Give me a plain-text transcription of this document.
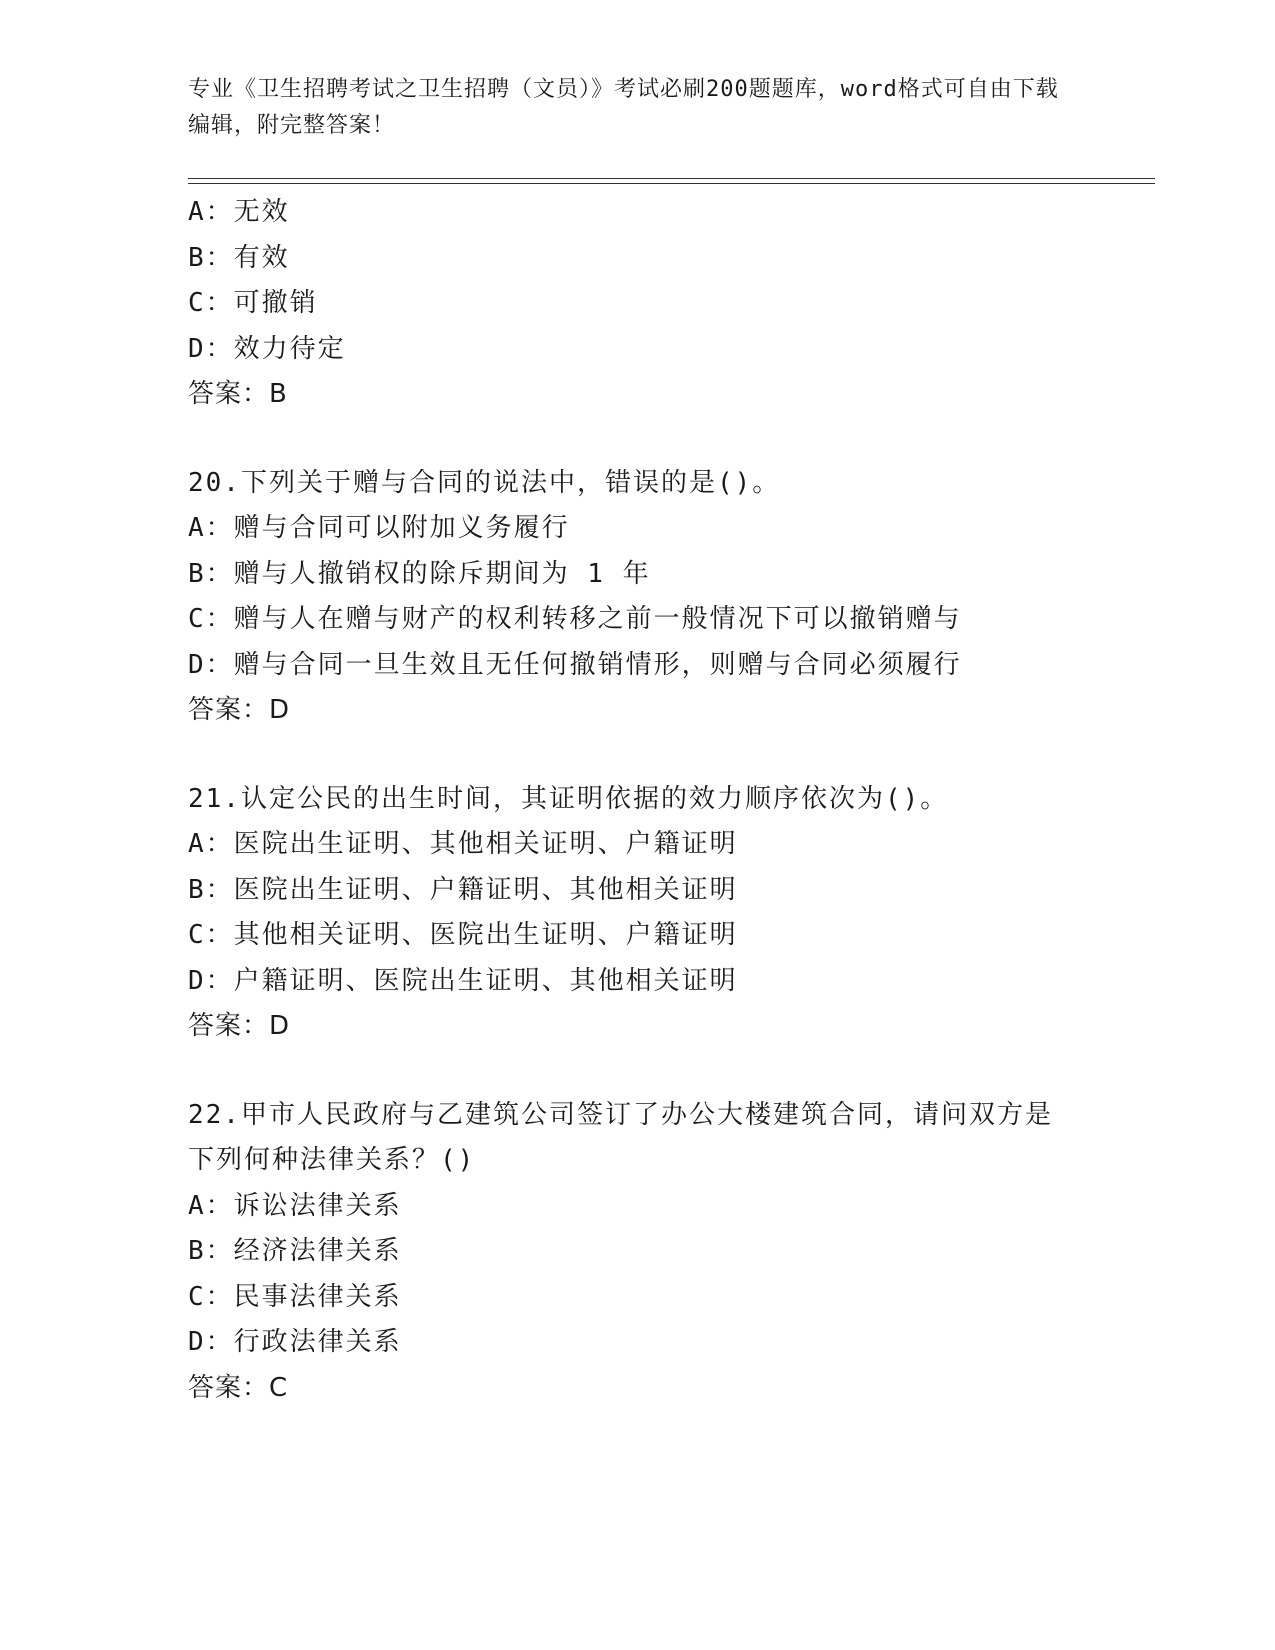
专业《卫生招聘考试之卫生招聘（文员）》考试必刷200题题库，word格式可自由下载编辑，附完整答案！
A：无效
B：有效
C：可撤销
D：效力待定
答案：B
20.下列关于赠与合同的说法中，错误的是()。
A：赠与合同可以附加义务履行
B：赠与人撤销权的除斥期间为 1 年
C：赠与人在赠与财产的权利转移之前一般情况下可以撤销赠与
D：赠与合同一旦生效且无任何撤销情形，则赠与合同必须履行
答案：D
21.认定公民的出生时间，其证明依据的效力顺序依次为()。
A：医院出生证明、其他相关证明、户籍证明
B：医院出生证明、户籍证明、其他相关证明
C：其他相关证明、医院出生证明、户籍证明
D：户籍证明、医院出生证明、其他相关证明
答案：D
22.甲市人民政府与乙建筑公司签订了办公大楼建筑合同，请问双方是下列何种法律关系？()
A：诉讼法律关系
B：经济法律关系
C：民事法律关系
D：行政法律关系
答案：C
